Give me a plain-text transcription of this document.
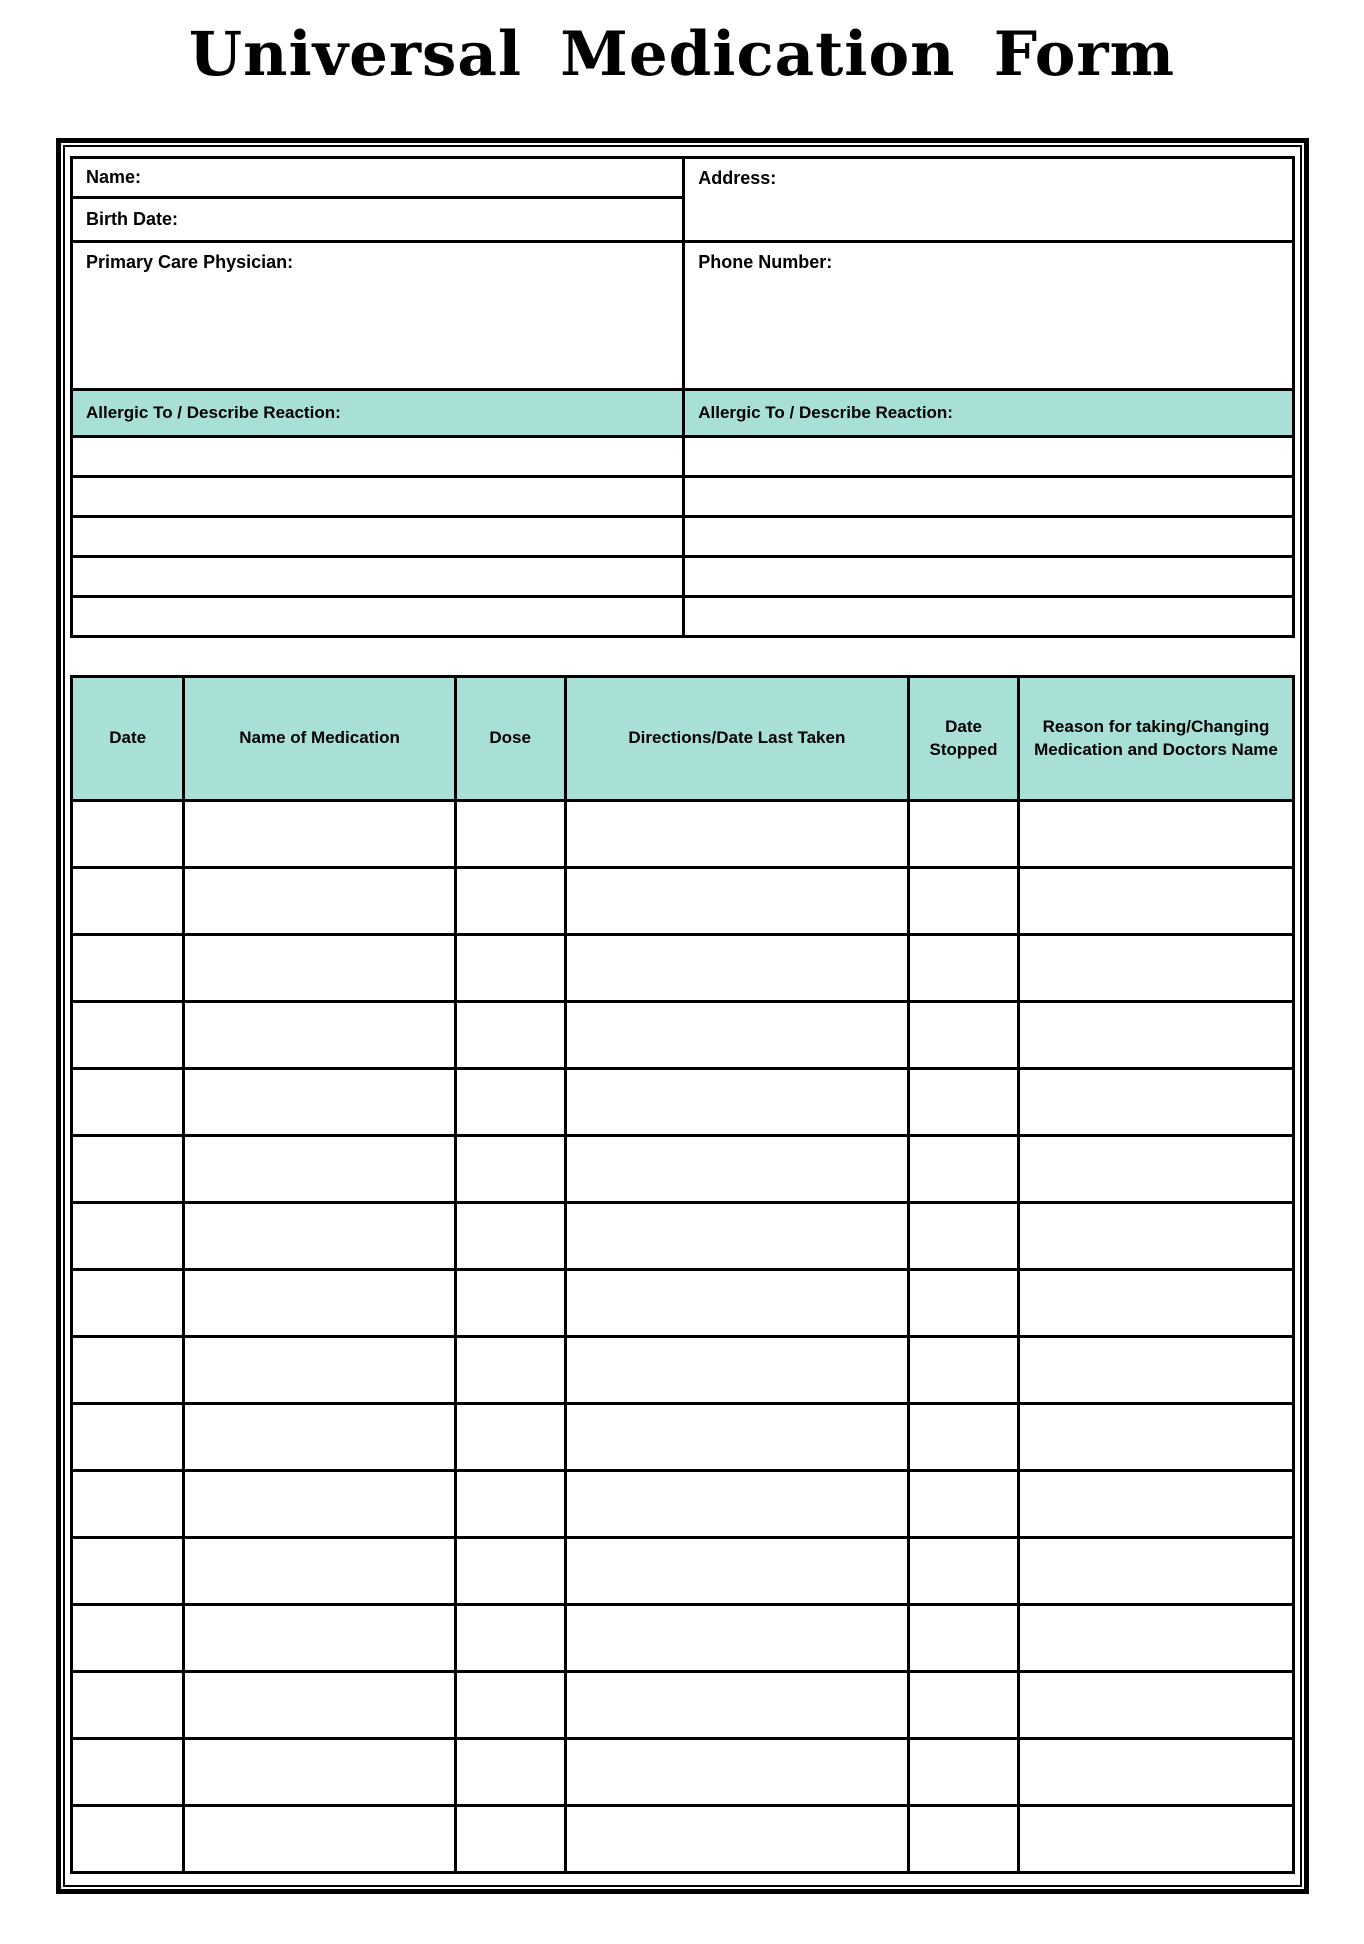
Universal Medication Form
Name:	Address:
Birth Date:	
Primary Care Physician:	Phone Number:
Allergic To / Describe Reaction:	Allergic To / Describe Reaction:

Date	Name of Medication	Dose	Directions/Date Last Taken	Date Stopped	Reason for taking/Changing Medication and Doctors Name
